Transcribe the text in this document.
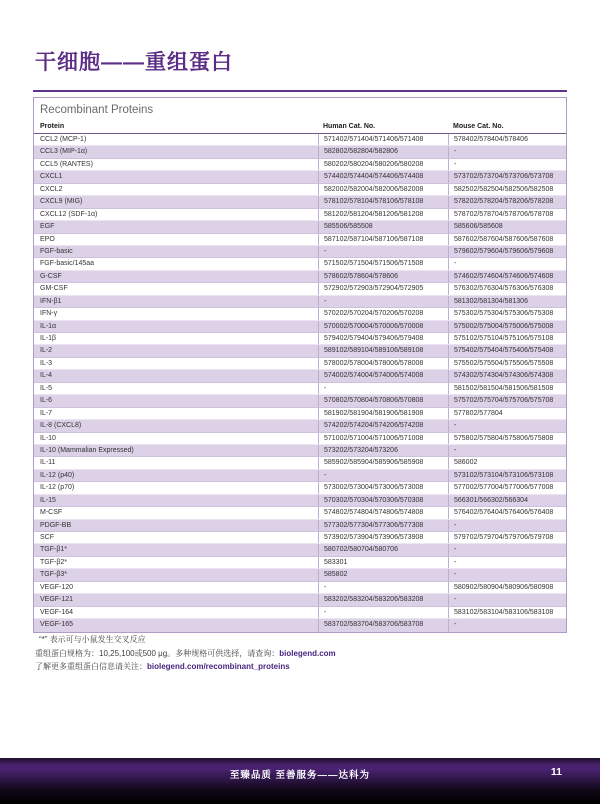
干细胞——重组蛋白
Recombinant Proteins
Protein	Human Cat. No.	Mouse Cat. No.
CCL2 (MCP-1)	571402/571404/571406/571408	578402/578404/578406
CCL3 (MIP-1α)	582802/582804/582806	-
CCL5 (RANTES)	580202/580204/580206/580208	-
CXCL1	574402/574404/574406/574408	573702/573704/573706/573708
CXCL2	582002/582004/582006/582008	582502/582504/582506/582508
CXCL9 (MIG)	578102/578104/578106/578108	578202/578204/578206/578208
CXCL12 (SDF-1α)	581202/581204/581206/581208	578702/578704/578706/578708
EGF	585506/585508	585606/585608
EPO	587102/587104/587106/587108	587602/587604/587606/587608
FGF-basic	-	579602/579604/579606/579608
FGF-basic/145aa	571502/571504/571506/571508	-
G-CSF	578602/578604/578606	574602/574604/574606/574608
GM-CSF	572902/572903/572904/572905	576302/576304/576306/576308
IFN-β1	-	581302/581304/581306
IFN-γ	570202/570204/570206/570208	575302/575304/575306/575308
IL-1α	570002/570004/570006/570008	575002/575004/575006/575008
IL-1β	579402/579404/579406/579408	575102/575104/575106/575108
IL-2	589102/589104/589106/589108	575402/575404/575406/575408
IL-3	578002/578004/578006/578008	575502/575504/575506/575508
IL-4	574002/574004/574006/574008	574302/574304/574306/574308
IL-5	-	581502/581504/581506/581508
IL-6	570802/570804/570806/570808	575702/575704/575706/575708
IL-7	581902/581904/581906/581908	577802/577804
IL-8 (CXCL8)	574202/574204/574206/574208	-
IL-10	571002/571004/571006/571008	575802/575804/575806/575808
IL-10 (Mammalian Expressed)	573202/573204/573206	-
IL-11	585902/585904/585906/585908	586002
IL-12 (p40)	-	573102/573104/573106/573108
IL-12 (p70)	573002/573004/573006/573008	577002/577004/577006/577008
IL-15	570302/570304/570306/570308	566301/566302/566304
M-CSF	574802/574804/574806/574808	576402/576404/576406/576408
PDGF-BB	577302/577304/577306/577308	-
SCF	573902/573904/573906/573908	579702/579704/579706/579708
TGF-β1*	580702/580704/580706	-
TGF-β2*	583301	-
TGF-β3*	585802	-
VEGF-120	-	580902/580904/580906/580908
VEGF-121	583202/583204/583206/583208	-
VEGF-164	-	583102/583104/583106/583108
VEGF-165	583702/583704/583706/583708	-
“*” 表示可与小鼠发生交叉反应
重组蛋白规格为：10,25,100或500 μg。多种规格可供选择，请查询：biolegend.com
了解更多重组蛋白信息请关注：biolegend.com/recombinant_proteins
至臻品质 至善服务——达科为	11
